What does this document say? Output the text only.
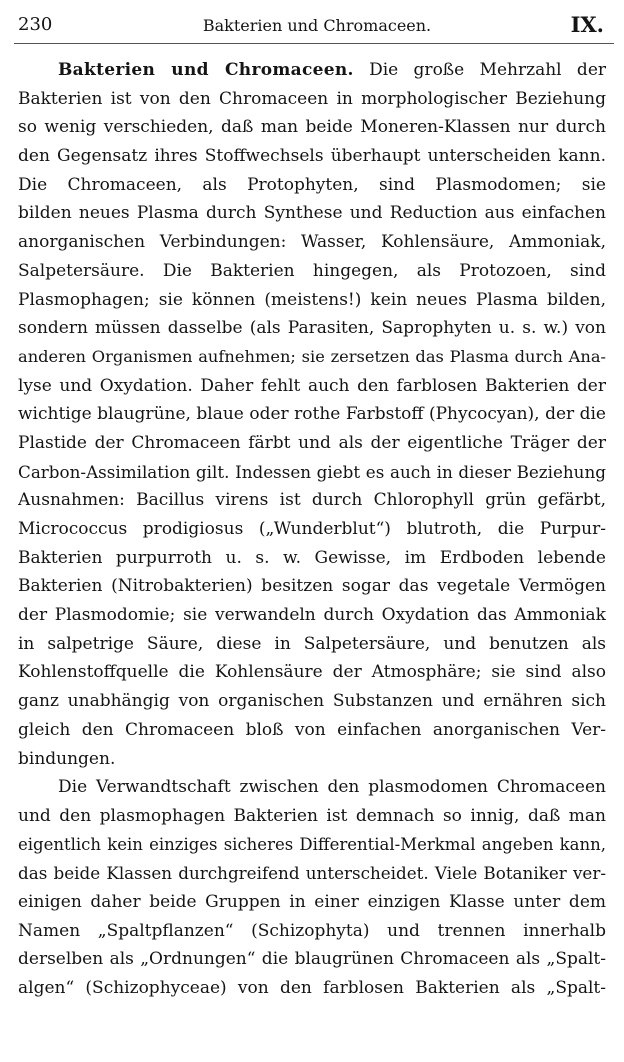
230	Bakterien und Chromaceen.	IX.
Bakterien und Chromaceen. Die große Mehrzahl der
Bakterien ist von den Chromaceen in morphologischer Beziehung
so wenig verschieden, daß man beide Moneren-Klassen nur durch
den Gegensatz ihres Stoffwechsels überhaupt unterscheiden kann.
Die Chromaceen, als Protophyten, sind Plasmodomen; sie
bilden neues Plasma durch Synthese und Reduction aus einfachen
anorganischen Verbindungen: Wasser, Kohlensäure, Ammoniak,
Salpetersäure. Die Bakterien hingegen, als Protozoen, sind
Plasmophagen; sie können (meistens!) kein neues Plasma bilden,
sondern müssen dasselbe (als Parasiten, Saprophyten u. s. w.) von
anderen Organismen aufnehmen; sie zersetzen das Plasma durch Ana-
lyse und Oxydation. Daher fehlt auch den farblosen Bakterien der
wichtige blaugrüne, blaue oder rothe Farbstoff (Phycocyan), der die
Plastide der Chromaceen färbt und als der eigentliche Träger der
Carbon-Assimilation gilt. Indessen giebt es auch in dieser Beziehung
Ausnahmen: Bacillus virens ist durch Chlorophyll grün gefärbt,
Micrococcus prodigiosus („Wunderblut“) blutroth, die Purpur-
Bakterien purpurroth u. s. w. Gewisse, im Erdboden lebende
Bakterien (Nitrobakterien) besitzen sogar das vegetale Vermögen
der Plasmodomie; sie verwandeln durch Oxydation das Ammoniak
in salpetrige Säure, diese in Salpetersäure, und benutzen als
Kohlenstoffquelle die Kohlensäure der Atmosphäre; sie sind also
ganz unabhängig von organischen Substanzen und ernähren sich
gleich den Chromaceen bloß von einfachen anorganischen Ver-
bindungen.
Die Verwandtschaft zwischen den plasmodomen Chromaceen
und den plasmophagen Bakterien ist demnach so innig, daß man
eigentlich kein einziges sicheres Differential-Merkmal angeben kann,
das beide Klassen durchgreifend unterscheidet. Viele Botaniker ver-
einigen daher beide Gruppen in einer einzigen Klasse unter dem
Namen „Spaltpflanzen“ (Schizophyta) und trennen innerhalb
derselben als „Ordnungen“ die blaugrünen Chromaceen als „Spalt-
algen“ (Schizophyceae) von den farblosen Bakterien als „Spalt-
